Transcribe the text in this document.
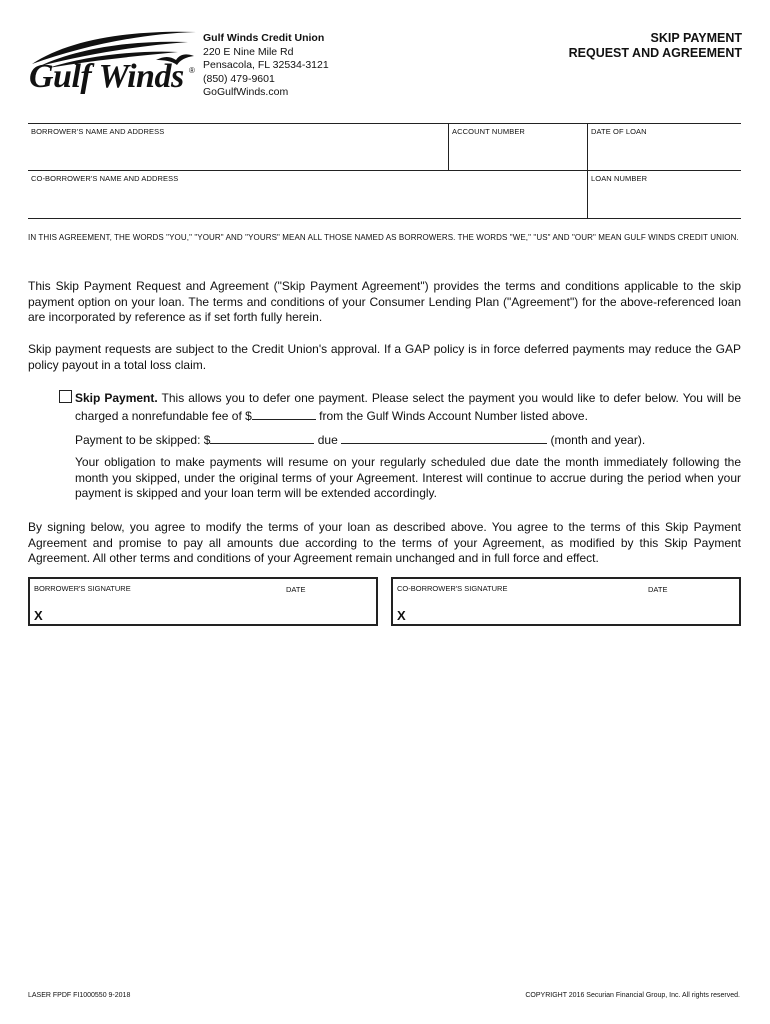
Gulf Winds ®
Gulf Winds Credit Union
220 E Nine Mile Rd
Pensacola, FL 32534-3121
(850) 479-9601
GoGulfWinds.com
SKIP PAYMENT
REQUEST AND AGREEMENT
BORROWER'S NAME AND ADDRESS	ACCOUNT NUMBER	DATE OF LOAN
CO-BORROWER'S NAME AND ADDRESS	LOAN NUMBER
IN THIS AGREEMENT, THE WORDS "YOU," "YOUR" AND "YOURS" MEAN ALL THOSE NAMED AS BORROWERS. THE WORDS "WE," "US" AND "OUR" MEAN GULF WINDS CREDIT UNION.
This Skip Payment Request and Agreement ("Skip Payment Agreement") provides the terms and conditions applicable to the skip payment option on your loan. The terms and conditions of your Consumer Lending Plan ("Agreement") for the above-referenced loan are incorporated by reference as if set forth fully herein.
Skip payment requests are subject to the Credit Union's approval. If a GAP policy is in force deferred payments may reduce the GAP policy payout in a total loss claim.
Skip Payment. This allows you to defer one payment. Please select the payment you would like to defer below. You will be charged a nonrefundable fee of $	from the Gulf Winds Account Number listed above.
Payment to be skipped: $	due	(month and year).
Your obligation to make payments will resume on your regularly scheduled due date the month immediately following the month you skipped, under the original terms of your Agreement. Interest will continue to accrue during the period when your payment is skipped and your loan term will be extended accordingly.
By signing below, you agree to modify the terms of your loan as described above. You agree to the terms of this Skip Payment Agreement and promise to pay all amounts due according to the terms of your Agreement, as modified by this Skip Payment Agreement. All other terms and conditions of your Agreement remain unchanged and in full force and effect.
BORROWER'S SIGNATURE	DATE
X
CO-BORROWER'S SIGNATURE	DATE
X
LASER FPDF FI1000550 9-2018	COPYRIGHT 2016 Securian Financial Group, Inc. All rights reserved.
